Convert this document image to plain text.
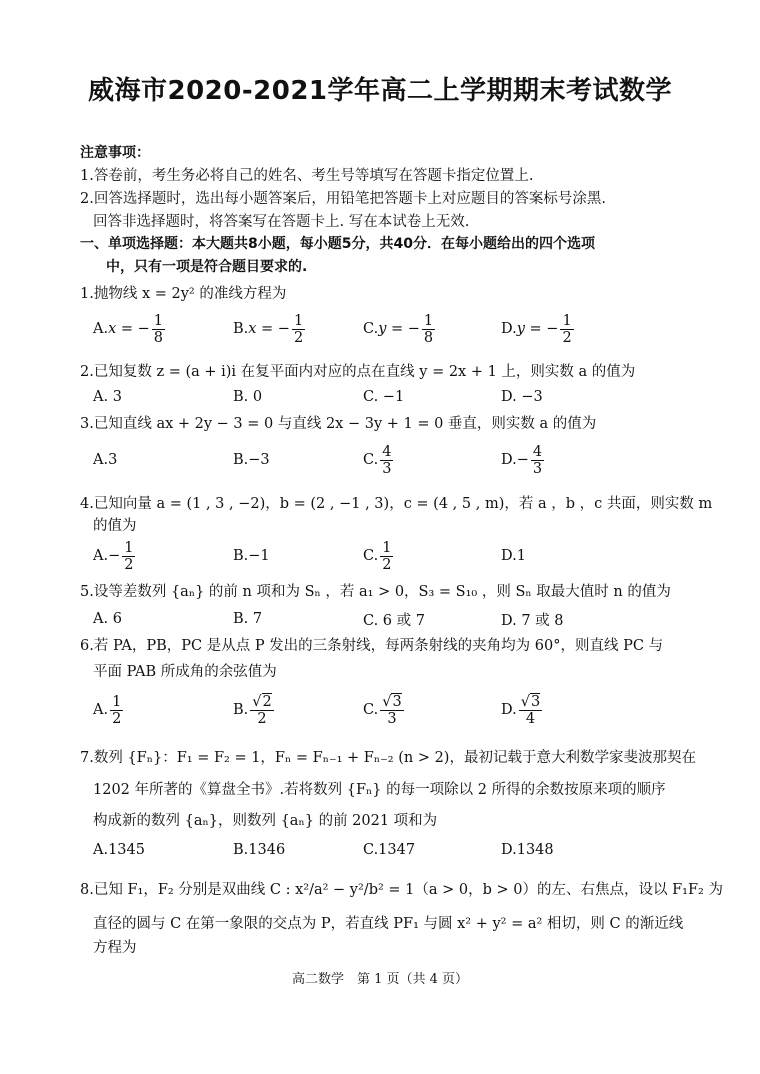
威海市2020-2021学年高二上学期期末考试数学
注意事项：
1.答卷前，考生务必将自己的姓名、考生号等填写在答题卡指定位置上.
2.回答选择题时，选出每小题答案后，用铅笔把答题卡上对应题目的答案标号涂黑.
回答非选择题时，将答案写在答题卡上. 写在本试卷上无效.
一、单项选择题：本大题共8小题，每小题5分，共40分．在每小题给出的四个选项
中，只有一项是符合题目要求的.
1.抛物线 x = 2y² 的准线方程为
A. x = − $\frac{1}{8}$	B. x = − $\frac{1}{2}$	C. y = − $\frac{1}{8}$	D. y = − $\frac{1}{2}$
2.已知复数 z = (a + i)i 在复平面内对应的点在直线 y = 2x + 1 上，则实数 a 的值为
A. 3	B. 0	C. −1	D. −3
3.已知直线 ax + 2y − 3 = 0 与直线 2x − 3y + 1 = 0 垂直，则实数 a 的值为
A. 3	B. −3	C. $\frac{4}{3}$	D. − $\frac{4}{3}$
4.已知向量 a = (1 , 3 , −2)，b = (2 , −1 , 3)，c = (4 , 5 , m)，若 a ，b ，c 共面，则实数 m
的值为
A. − $\frac{1}{2}$	B. −1	C. $\frac{1}{2}$	D. 1
5.设等差数列 {aₙ} 的前 n 项和为 Sₙ ，若 a₁ > 0，S₃ = S₁₀ ，则 Sₙ 取最大值时 n 的值为
A. 6	B. 7	C. 6 或 7	D. 7 或 8
6.若 PA，PB，PC 是从点 P 发出的三条射线，每两条射线的夹角均为 60°，则直线 PC 与
平面 PAB 所成角的余弦值为
A. $\frac{1}{2}$	B. $\frac{√2}{2}$	C. $\frac{√3}{3}$	D. $\frac{√3}{4}$
7.数列 {Fₙ}：F₁ = F₂ = 1，Fₙ = Fₙ₋₁ + Fₙ₋₂ (n > 2)，最初记载于意大利数学家斐波那契在
1202 年所著的《算盘全书》.若将数列 {Fₙ} 的每一项除以 2 所得的余数按原来项的顺序
构成新的数列 {aₙ}，则数列 {aₙ} 的前 2021 项和为
A.1345	B.1346	C.1347	D.1348
8.已知 F₁，F₂ 分别是双曲线 C : x²/a² − y²/b² = 1（a > 0，b > 0）的左、右焦点，设以 F₁F₂ 为
直径的圆与 C 在第一象限的交点为 P，若直线 PF₁ 与圆 x² + y² = a² 相切，则 C 的渐近线
方程为
高二数学　第 1 页（共 4 页）
